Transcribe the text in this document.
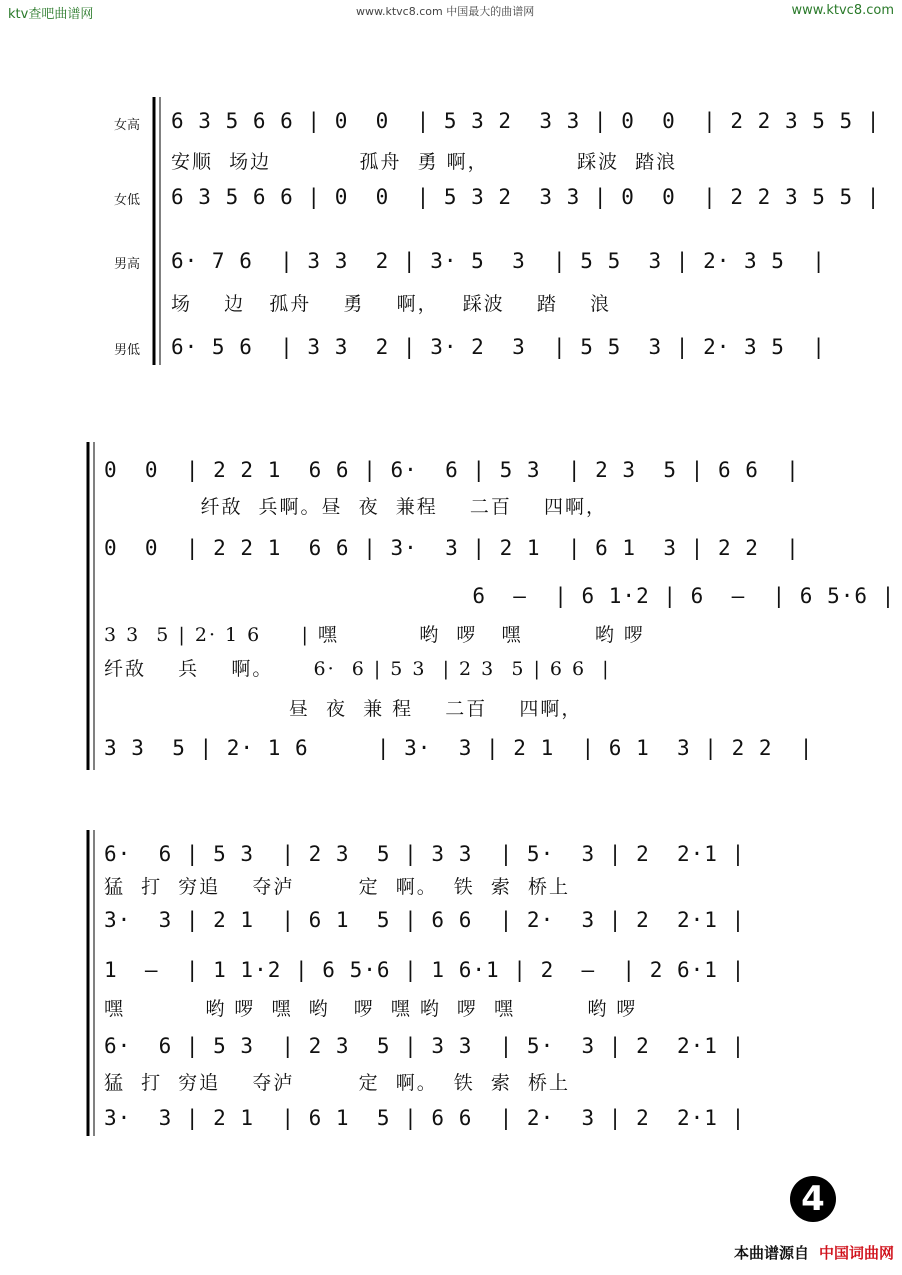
ktv查吧曲谱网	www.ktvc8.com 中国最大的曲谱网	www.ktvc8.com
女高
女低
男高
男低
6 3 5 6 6 | 0  0  | 5 3 2  3 3 | 0  0  | 2 2 3 5 5 |
安顺  场边           孤舟  勇 啊，           踩波  踏浪
6 3 5 6 6 | 0  0  | 5 3 2  3 3 | 0  0  | 2 2 3 5 5 |
6· 7 6  | 3 3  2 | 3· 5  3  | 5 5  3 | 2· 3 5  |
场    边   孤舟    勇    啊，   踩波    踏    浪
6· 5 6  | 3 3  2 | 3· 2  3  | 5 5  3 | 2· 3 5  |
0  0  | 2 2 1  6 6 | 6·  6 | 5 3  | 2 3  5 | 6 6  |
纤敌  兵啊。昼  夜  兼程    二百    四啊，
0  0  | 2 2 1  6 6 | 3·  3 | 2 1  | 6 1  3 | 2 2  |
6  —  | 6 1·2 | 6  —  | 6 5·6 |
3 3  5 | 2· 1 6     | 嘿          哟  啰   嘿         哟 啰
纤敌    兵    啊。     6·  6 | 5 3  | 2 3  5 | 6 6  |
昼  夜  兼 程    二百    四啊，
3 3  5 | 2· 1 6     | 3·  3 | 2 1  | 6 1  3 | 2 2  |
6·  6 | 5 3  | 2 3  5 | 3 3  | 5·  3 | 2  2·1 |
猛  打  穷追    夺泸        定  啊。  铁  索  桥上
3·  3 | 2 1  | 6 1  5 | 6 6  | 2·  3 | 2  2·1 |
1  —  | 1 1·2 | 6 5·6 | 1 6·1 | 2  —  | 2 6·1 |
嘿          哟 啰  嘿  哟   啰  嘿 哟  啰  嘿         哟 啰
6·  6 | 5 3  | 2 3  5 | 3 3  | 5·  3 | 2  2·1 |
猛  打  穷追    夺泸        定  啊。  铁  索  桥上
3·  3 | 2 1  | 6 1  5 | 6 6  | 2·  3 | 2  2·1 |
4
本曲谱源自 中国词曲网
